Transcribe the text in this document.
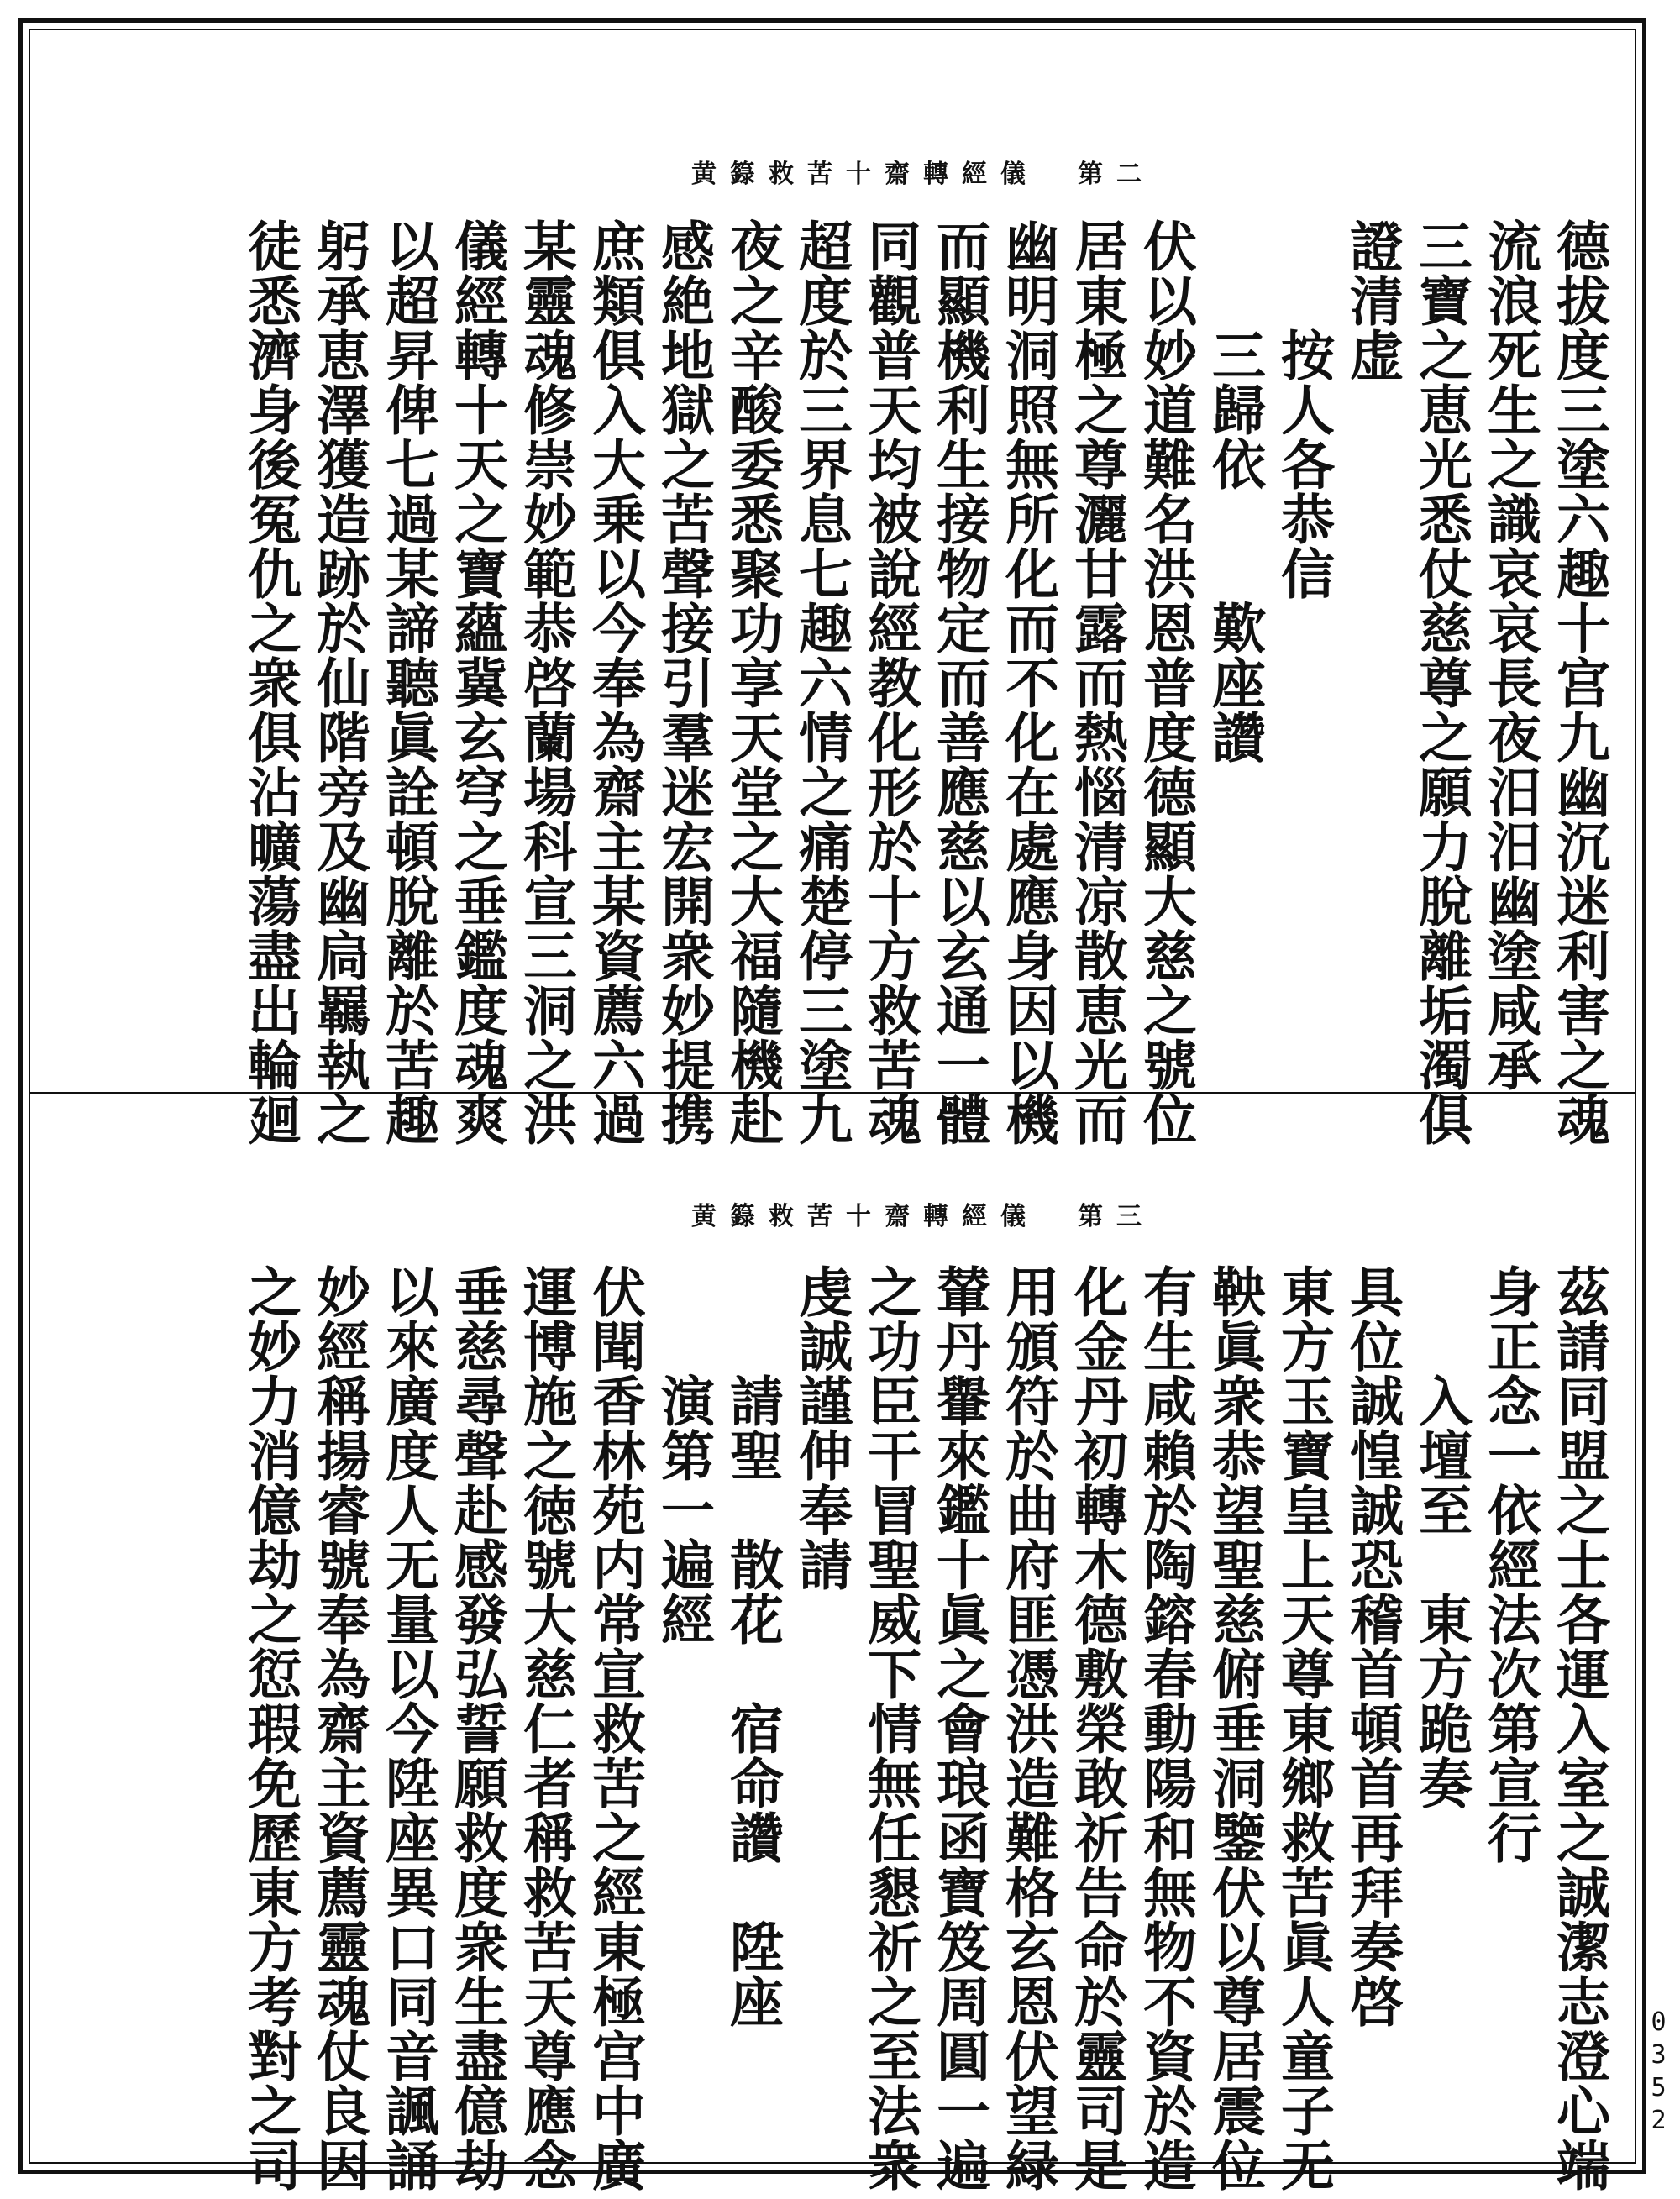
黄籙救苦十齋轉經儀　第二
德拔度三塗六趣十宫九幽沉迷利害之魂
流浪死生之識哀哀長夜汨汨幽塗咸承
三寶之恵光悉仗慈尊之願力脫離垢濁俱
證清虚
　　按人各恭信
　　三歸依　　歎座讚
伏以妙道難名洪恩普度德顯大慈之號位
居東極之尊灑甘露而熱惱清凉散恵光而
幽明洞照無所化而不化在處應身因以機
而顯機利生接物定而善應慈以玄通一體
同觀普天均被說經教化形於十方救苦魂
超度於三界息七趣六情之痛楚停三塗九
夜之辛酸委悉聚功享天堂之大福隨機赴
感絶地獄之苦聲接引羣迷宏開衆妙提携
庶類俱入大乗以今奉為齋主某資薦六過
某靈魂修崇妙範恭啓蘭場科宣三洞之洪
儀經轉十天之寶蘊冀玄穹之垂鑑度魂爽
以超昇俾七過某諦聽眞詮頓脫離於苦趣
躬承恵澤獲造跡於仙階旁及幽扃羈執之
徒悉濟身後冤仇之衆俱沾曠蕩盡出輪廻
黄籙救苦十齋轉經儀　第三
茲請同盟之士各運入室之誠潔志澄心端
身正念一依經法次第宣行
　　入壇至　東方跪奏
具位誠惶誠恐稽首頓首再拜奏啓
東方玉寶皇上天尊東鄉救苦眞人童子无
鞅眞衆恭望聖慈俯垂洞鑒伏以尊居震位
有生咸賴於陶鎔春動陽和無物不資於造
化金丹初轉木德敷榮敢祈告命於靈司是
用頒符於曲府匪憑洪造難格玄恩伏望緑
輦丹轝來鑑十眞之會琅函寶笈周圓一遍
之功臣干冒聖威下情無任懇祈之至法衆
虔誠謹伸奉請
　　請聖　散花　宿命讚　陞座
　　演第一遍經
伏聞香林苑内常宣救苦之經東極宫中廣
運博施之徳號大慈仁者稱救苦天尊應念
垂慈尋聲赴感發弘誓願救度衆生盡億劫
以來廣度人无量以今陞座異口同音諷誦
妙經稱揚睿號奉為齋主資薦靈魂仗良因
之妙力消億劫之愆瑕免歷東方考對之司	0352
